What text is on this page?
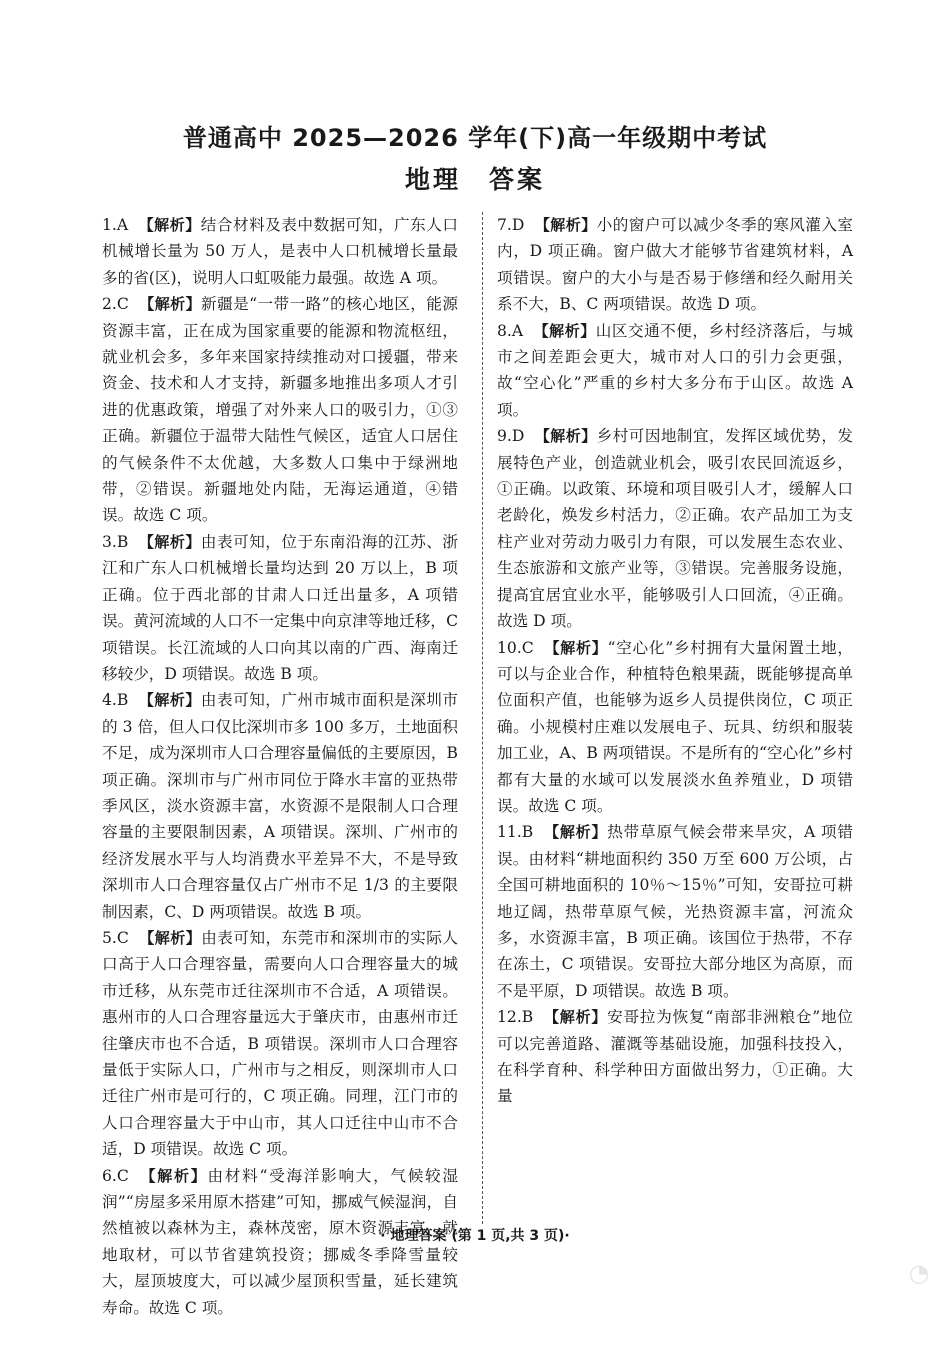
普通高中 2025—2026 学年(下)高一年级期中考试
地理 答案

1.A 【解析】结合材料及表中数据可知，广东人口机械增长量为 50 万人，是表中人口机械增长量最多的省(区)，说明人口虹吸能力最强。故选 A 项。

2.C 【解析】新疆是“一带一路”的核心地区，能源资源丰富，正在成为国家重要的能源和物流枢纽，就业机会多，多年来国家持续推动对口援疆，带来资金、技术和人才支持，新疆多地推出多项人才引进的优惠政策，增强了对外来人口的吸引力，①③正确。新疆位于温带大陆性气候区，适宜人口居住的气候条件不太优越，大多数人口集中于绿洲地带，②错误。新疆地处内陆，无海运通道，④错误。故选 C 项。

3.B 【解析】由表可知，位于东南沿海的江苏、浙江和广东人口机械增长量均达到 20 万以上，B 项正确。位于西北部的甘肃人口迁出量多，A 项错误。黄河流域的人口不一定集中向京津等地迁移，C 项错误。长江流域的人口向其以南的广西、海南迁移较少，D 项错误。故选 B 项。

4.B 【解析】由表可知，广州市城市面积是深圳市的 3 倍，但人口仅比深圳市多 100 多万，土地面积不足，成为深圳市人口合理容量偏低的主要原因，B 项正确。深圳市与广州市同位于降水丰富的亚热带季风区，淡水资源丰富，水资源不是限制人口合理容量的主要限制因素，A 项错误。深圳、广州市的经济发展水平与人均消费水平差异不大，不是导致深圳市人口合理容量仅占广州市不足 1/3 的主要限制因素，C、D 两项错误。故选 B 项。

5.C 【解析】由表可知，东莞市和深圳市的实际人口高于人口合理容量，需要向人口合理容量大的城市迁移，从东莞市迁往深圳市不合适，A 项错误。惠州市的人口合理容量远大于肇庆市，由惠州市迁往肇庆市也不合适，B 项错误。深圳市人口合理容量低于实际人口，广州市与之相反，则深圳市人口迁往广州市是可行的，C 项正确。同理，江门市的人口合理容量大于中山市，其人口迁往中山市不合适，D 项错误。故选 C 项。

6.C 【解析】由材料“受海洋影响大，气候较湿润”“房屋多采用原木搭建”可知，挪威气候湿润，自然植被以森林为主，森林茂密，原木资源丰富，就地取材，可以节省建筑投资；挪威冬季降雪量较大，屋顶坡度大，可以减少屋顶积雪量，延长建筑寿命。故选 C 项。

7.D 【解析】小的窗户可以减少冬季的寒风灌入室内，D 项正确。窗户做大才能够节省建筑材料，A 项错误。窗户的大小与是否易于修缮和经久耐用关系不大，B、C 两项错误。故选 D 项。

8.A 【解析】山区交通不便，乡村经济落后，与城市之间差距会更大，城市对人口的引力会更强，故“空心化”严重的乡村大多分布于山区。故选 A 项。

9.D 【解析】乡村可因地制宜，发挥区域优势，发展特色产业，创造就业机会，吸引农民回流返乡，①正确。以政策、环境和项目吸引人才，缓解人口老龄化，焕发乡村活力，②正确。农产品加工为支柱产业对劳动力吸引力有限，可以发展生态农业、生态旅游和文旅产业等，③错误。完善服务设施，提高宜居宜业水平，能够吸引人口回流，④正确。故选 D 项。

10.C 【解析】“空心化”乡村拥有大量闲置土地，可以与企业合作，种植特色粮果蔬，既能够提高单位面积产值，也能够为返乡人员提供岗位，C 项正确。小规模村庄难以发展电子、玩具、纺织和服装加工业，A、B 两项错误。不是所有的“空心化”乡村都有大量的水域可以发展淡水鱼养殖业，D 项错误。故选 C 项。

11.B 【解析】热带草原气候会带来旱灾，A 项错误。由材料“耕地面积约 350 万至 600 万公顷，占全国可耕地面积的 10％～15％”可知，安哥拉可耕地辽阔，热带草原气候，光热资源丰富，河流众多，水资源丰富，B 项正确。该国位于热带，不存在冻土，C 项错误。安哥拉大部分地区为高原，而不是平原，D 项错误。故选 B 项。

12.B 【解析】安哥拉为恢复“南部非洲粮仓”地位可以完善道路、灌溉等基础设施，加强科技投入，在科学育种、科学种田方面做出努力，①正确。大量

· 地理答案 (第 1 页,共 3 页)·
◔
